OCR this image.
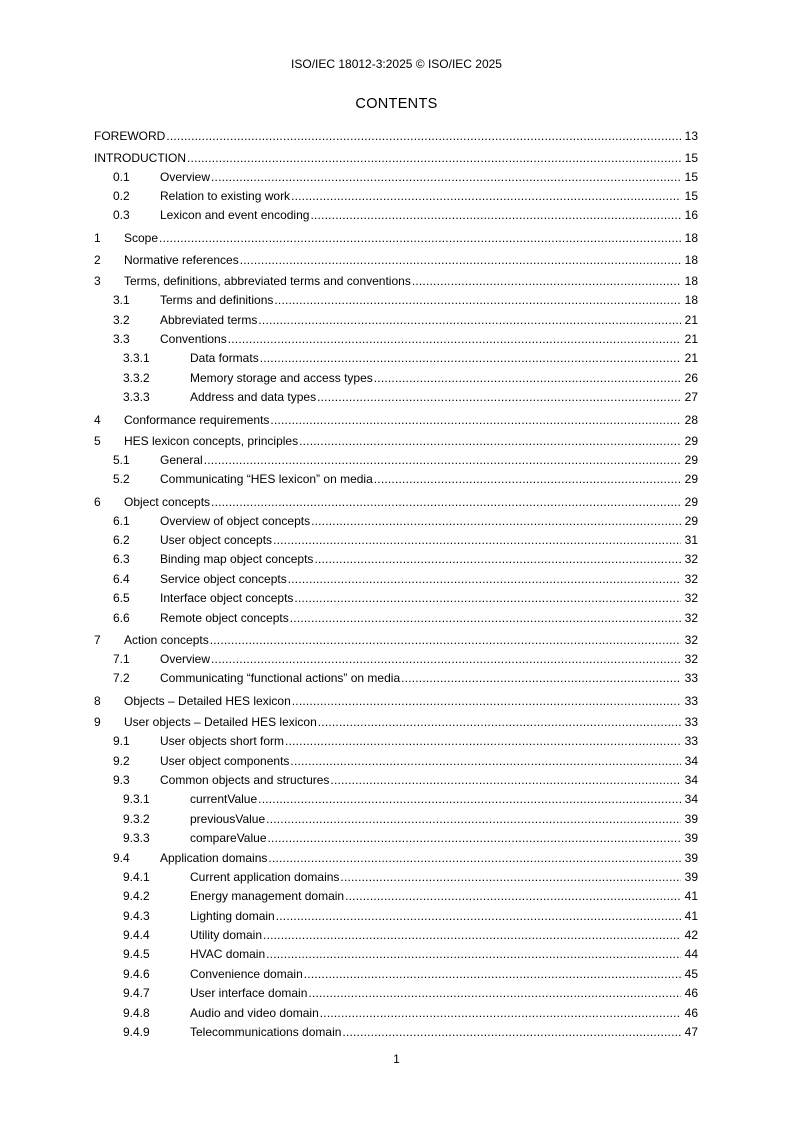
ISO/IEC 18012-3:2025 © ISO/IEC 2025
CONTENTS
FOREWORD .....	13
INTRODUCTION .....	15
0.1	Overview .....	15
0.2	Relation to existing work .....	15
0.3	Lexicon and event encoding .....	16
1	Scope .....	18
2	Normative references .....	18
3	Terms, definitions, abbreviated terms and conventions .....	18
3.1	Terms and definitions .....	18
3.2	Abbreviated terms .....	21
3.3	Conventions .....	21
3.3.1	Data formats .....	21
3.3.2	Memory storage and access types .....	26
3.3.3	Address and data types .....	27
4	Conformance requirements .....	28
5	HES lexicon concepts, principles .....	29
5.1	General .....	29
5.2	Communicating “HES lexicon” on media .....	29
6	Object concepts .....	29
6.1	Overview of object concepts .....	29
6.2	User object concepts .....	31
6.3	Binding map object concepts .....	32
6.4	Service object concepts .....	32
6.5	Interface object concepts .....	32
6.6	Remote object concepts .....	32
7	Action concepts .....	32
7.1	Overview .....	32
7.2	Communicating “functional actions” on media .....	33
8	Objects – Detailed HES lexicon .....	33
9	User objects – Detailed HES lexicon .....	33
9.1	User objects short form .....	33
9.2	User object components .....	34
9.3	Common objects and structures .....	34
9.3.1	currentValue .....	34
9.3.2	previousValue .....	39
9.3.3	compareValue .....	39
9.4	Application domains .....	39
9.4.1	Current application domains .....	39
9.4.2	Energy management domain .....	41
9.4.3	Lighting domain .....	41
9.4.4	Utility domain .....	42
9.4.5	HVAC domain .....	44
9.4.6	Convenience domain .....	45
9.4.7	User interface domain .....	46
9.4.8	Audio and video domain .....	46
9.4.9	Telecommunications domain .....	47
1
